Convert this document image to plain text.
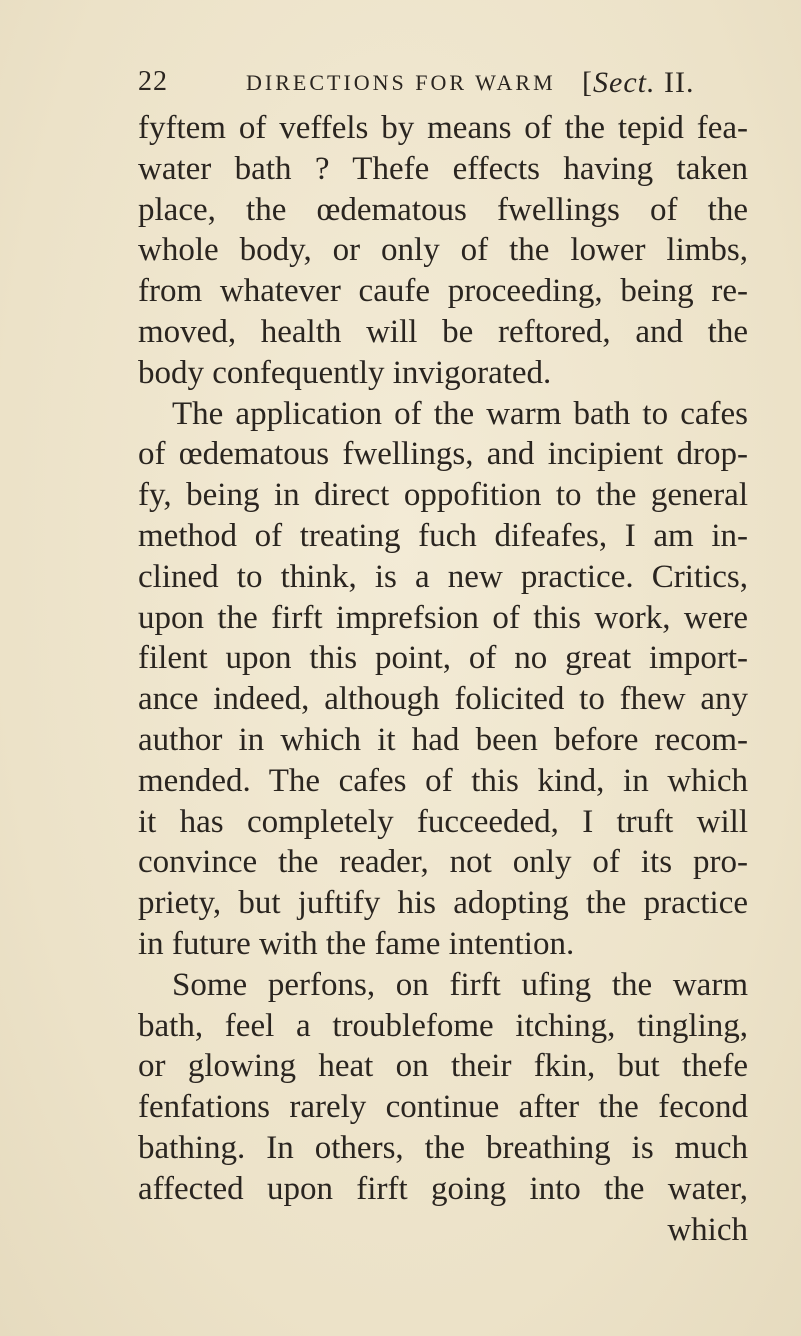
22	DIRECTIONS FOR WARM [Sect. II.
fyftem of veffels by means of the tepid fea-
water bath ? Thefe effects having taken
place, the œdematous fwellings of the
whole body, or only of the lower limbs,
from whatever caufe proceeding, being re-
moved, health will be reftored, and the
body confequently invigorated.
The application of the warm bath to cafes
of œdematous fwellings, and incipient drop-
fy, being in direct oppofition to the general
method of treating fuch difeafes, I am in-
clined to think, is a new practice. Critics,
upon the firft imprefsion of this work, were
filent upon this point, of no great import-
ance indeed, although folicited to fhew any
author in which it had been before recom-
mended. The cafes of this kind, in which
it has completely fucceeded, I truft will
convince the reader, not only of its pro-
priety, but juftify his adopting the practice
in future with the fame intention.
Some perfons, on firft ufing the warm
bath, feel a troublefome itching, tingling,
or glowing heat on their fkin, but thefe
fenfations rarely continue after the fecond
bathing. In others, the breathing is much
affected upon firft going into the water,
which
